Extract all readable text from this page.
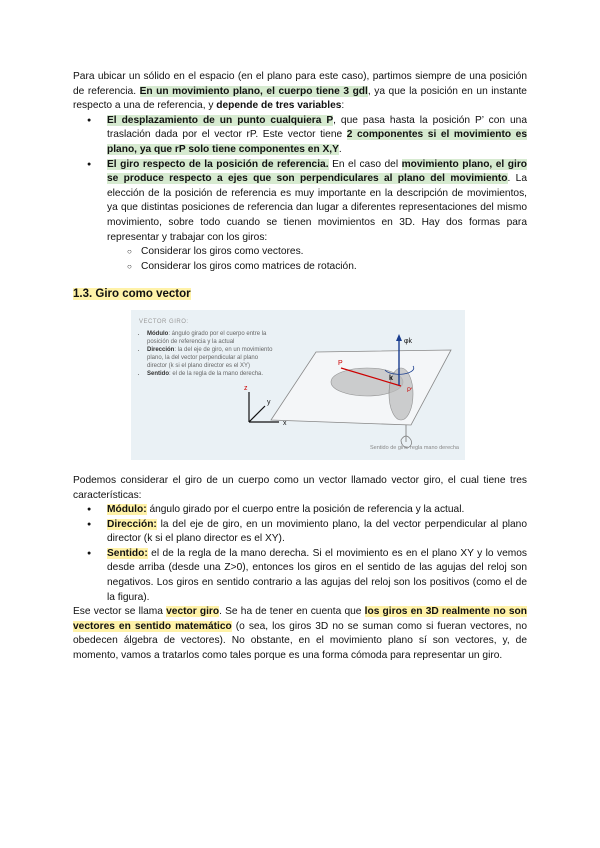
Para ubicar un sólido en el espacio (en el plano para este caso), partimos siempre de una posición de referencia. En un movimiento plano, el cuerpo tiene 3 gdl, ya que la posición en un instante respecto a una de referencia, y depende de tres variables:

● El desplazamiento de un punto cualquiera P, que pasa hasta la posición P’ con una traslación dada por el vector rP. Este vector tiene 2 componentes si el movimiento es plano, ya que rP solo tiene componentes en X,Y.
● El giro respecto de la posición de referencia. En el caso del movimiento plano, el giro se produce respecto a ejes que son perpendiculares al plano del movimiento. La elección de la posición de referencia es muy importante en la descripción de movimientos, ya que distintas posiciones de referencia dan lugar a diferentes representaciones del mismo movimiento, sobre todo cuando se tienen movimientos en 3D. Hay dos formas para representar y trabajar con los giros:
○ Considerar los giros como vectores.
○ Considerar los giros como matrices de rotación.
1.3. Giro como vector
VECTOR GIRO:
• Módulo: ángulo girado por el cuerpo entre la posición de referencia y la actual
• Dirección: la del eje de giro, en un movimiento plano, la del vector perpendicular al plano director (k si el plano director es el XY)
• Sentido: el de la regla de la mano derecha.
z
x
y
P
P'
k
φk
Sentido de giro: regla mano derecha

Podemos considerar el giro de un cuerpo como un vector llamado vector giro, el cual tiene tres características:

● Módulo: ángulo girado por el cuerpo entre la posición de referencia y la actual.
● Dirección: la del eje de giro, en un movimiento plano, la del vector perpendicular al plano director (k si el plano director es el XY).
● Sentido: el de la regla de la mano derecha. Si el movimiento es en el plano XY y lo vemos desde arriba (desde una Z>0), entonces los giros en el sentido de las agujas del reloj son negativos. Los giros en sentido contrario a las agujas del reloj son los positivos (como el de la figura).

Ese vector se llama vector giro. Se ha de tener en cuenta que los giros en 3D realmente no son vectores en sentido matemático (o sea, los giros 3D no se suman como si fueran vectores, no obedecen álgebra de vectores). No obstante, en el movimiento plano sí son vectores, y, de momento, vamos a tratarlos como tales porque es una forma cómoda para representar un giro.
